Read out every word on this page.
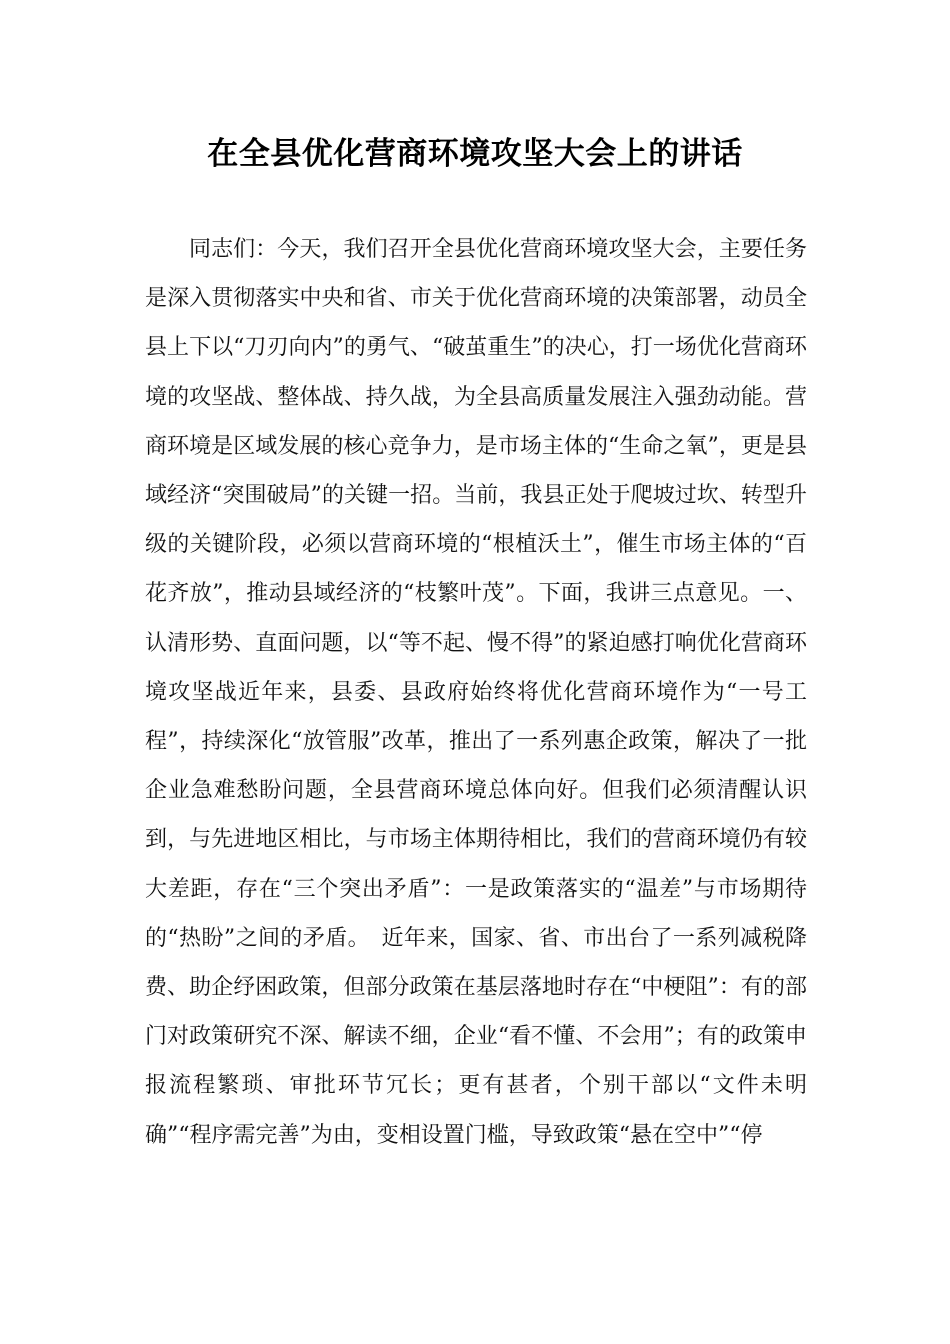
在全县优化营商环境攻坚大会上的讲话

同志们：今天，我们召开全县优化营商环境攻坚大会，主要任务是深入贯彻落实中央和省、市关于优化营商环境的决策部署，动员全县上下以“刀刃向内”的勇气、“破茧重生”的决心，打一场优化营商环境的攻坚战、整体战、持久战，为全县高质量发展注入强劲动能。营商环境是区域发展的核心竞争力，是市场主体的“生命之氧”，更是县域经济“突围破局”的关键一招。当前，我县正处于爬坡过坎、转型升级的关键阶段，必须以营商环境的“根植沃土”，催生市场主体的“百花齐放”，推动县域经济的“枝繁叶茂”。下面，我讲三点意见。一、认清形势、直面问题，以“等不起、慢不得”的紧迫感打响优化营商环境攻坚战近年来，县委、县政府始终将优化营商环境作为“一号工程”，持续深化“放管服”改革，推出了一系列惠企政策，解决了一批企业急难愁盼问题，全县营商环境总体向好。但我们必须清醒认识到，与先进地区相比，与市场主体期待相比，我们的营商环境仍有较大差距，存在“三个突出矛盾”：一是政策落实的“温差”与市场期待的“热盼”之间的矛盾。　近年来，国家、省、市出台了一系列减税降费、助企纾困政策，但部分政策在基层落地时存在“中梗阻”：有的部门对政策研究不深、解读不细，企业“看不懂、不会用”；有的政策申报流程繁琐、审批环节冗长；更有甚者，个别干部以“文件未明确”“程序需完善”为由，变相设置门槛，导致政策“悬在空中”“停
